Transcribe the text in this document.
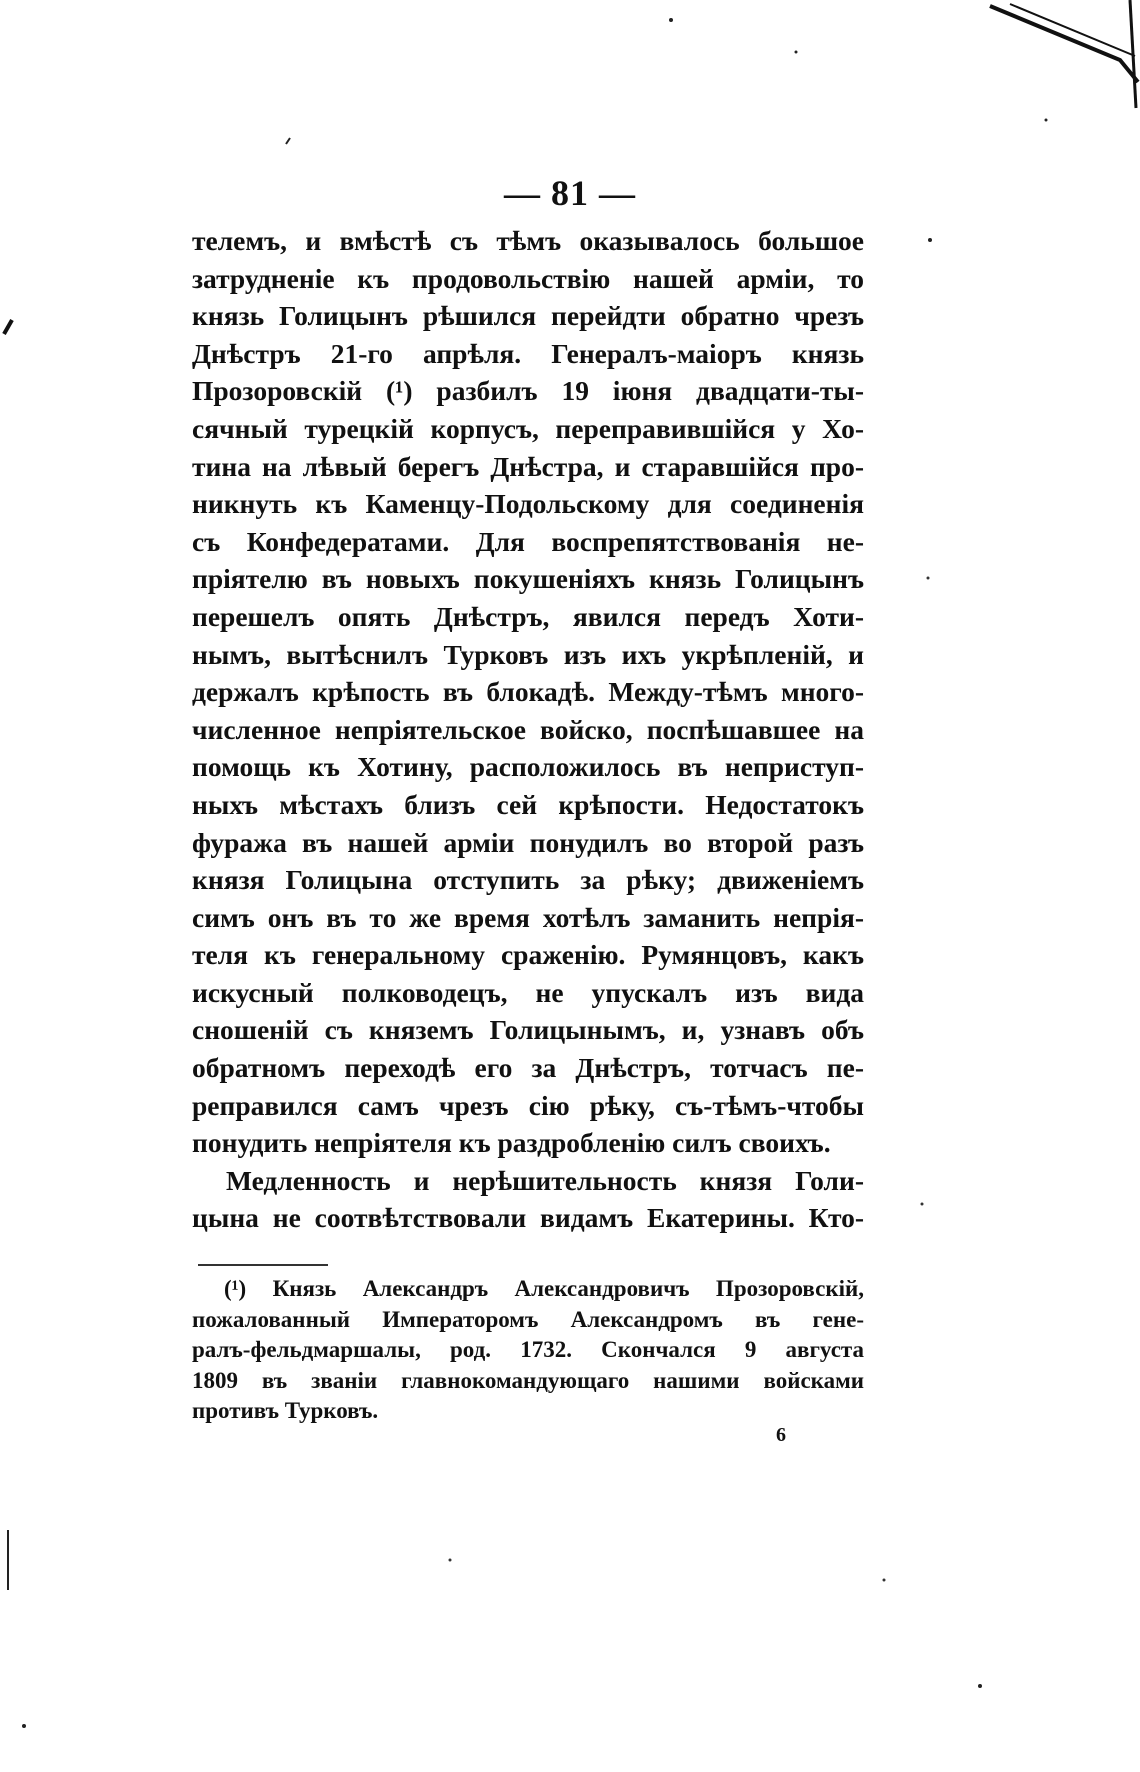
— 81 —
телемъ, и вмѣстѣ съ тѣмъ оказывалось большое
затрудненіе къ продовольствію нашей арміи, то
князь Голицынъ рѣшился перейдти обратно чрезъ
Днѣстръ 21-го апрѣля. Генералъ-маіоръ князь
Прозоровскій (¹) разбилъ 19 іюня двадцати-ты-
сячный турецкій корпусъ, переправившійся у Хо-
тина на лѣвый берегъ Днѣстра, и старавшійся про-
никнуть къ Каменцу-Подольскому для соединенія
съ Конфедератами. Для воспрепятствованія не-
пріятелю въ новыхъ покушеніяхъ князь Голицынъ
перешелъ опять Днѣстръ, явился передъ Хоти-
нымъ, вытѣснилъ Турковъ изъ ихъ укрѣпленій, и
держалъ крѣпость въ блокадѣ. Между-тѣмъ много-
численное непріятельское войско, поспѣшавшее на
помощь къ Хотину, расположилось въ неприступ-
ныхъ мѣстахъ близъ сей крѣпости. Недостатокъ
фуража въ нашей арміи понудилъ во второй разъ
князя Голицына отступить за рѣку; движеніемъ
симъ онъ въ то же время хотѣлъ заманить непрія-
теля къ генеральному сраженію. Румянцовъ, какъ
искусный полководецъ, не упускалъ изъ вида
сношеній съ княземъ Голицынымъ, и, узнавъ объ
обратномъ переходѣ его за Днѣстръ, тотчасъ пе-
реправился самъ чрезъ сію рѣку, съ-тѣмъ-чтобы
понудить непріятеля къ раздробленію силъ своихъ.
Медленность и нерѣшительность князя Голи-
цына не соотвѣтствовали видамъ Екатерины. Кто-
(¹) Князь Александръ Александровичъ Прозоровскій,
пожалованный Императоромъ Александромъ въ гене-
ралъ-фельдмаршалы, род. 1732. Скончался 9 августа
1809 въ званіи главнокомандующаго нашими войсками
противъ Турковъ.
6
